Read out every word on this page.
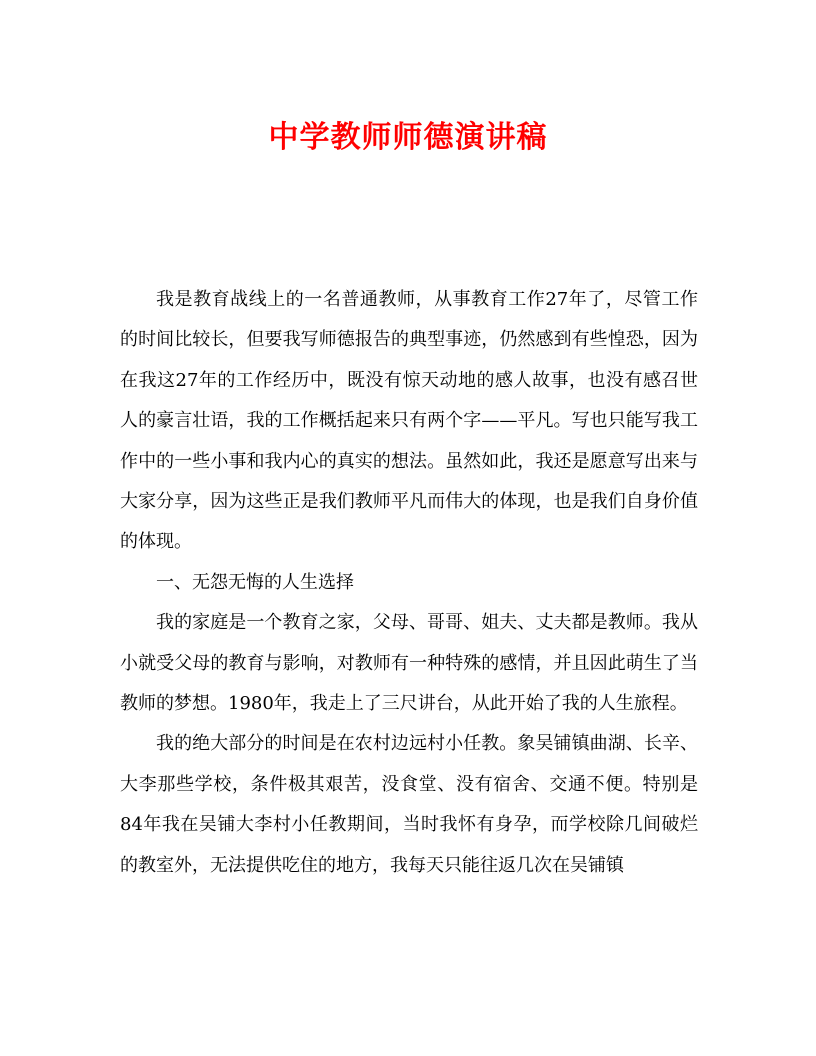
中学教师师德演讲稿

我是教育战线上的一名普通教师，从事教育工作27年了，尽管工作的时间比较长，但要我写师德报告的典型事迹，仍然感到有些惶恐，因为在我这27年的工作经历中，既没有惊天动地的感人故事，也没有感召世人的豪言壮语，我的工作概括起来只有两个字——平凡。写也只能写我工作中的一些小事和我内心的真实的想法。虽然如此，我还是愿意写出来与大家分享，因为这些正是我们教师平凡而伟大的体现，也是我们自身价值的体现。

一、无怨无悔的人生选择

我的家庭是一个教育之家，父母、哥哥、姐夫、丈夫都是教师。我从小就受父母的教育与影响，对教师有一种特殊的感情，并且因此萌生了当教师的梦想。1980年，我走上了三尺讲台，从此开始了我的人生旅程。

我的绝大部分的时间是在农村边远村小任教。象吴铺镇曲湖、长辛、大李那些学校，条件极其艰苦，没食堂、没有宿舍、交通不便。特别是84年我在吴铺大李村小任教期间，当时我怀有身孕，而学校除几间破烂的教室外，无法提供吃住的地方，我每天只能往返几次在吴铺镇
